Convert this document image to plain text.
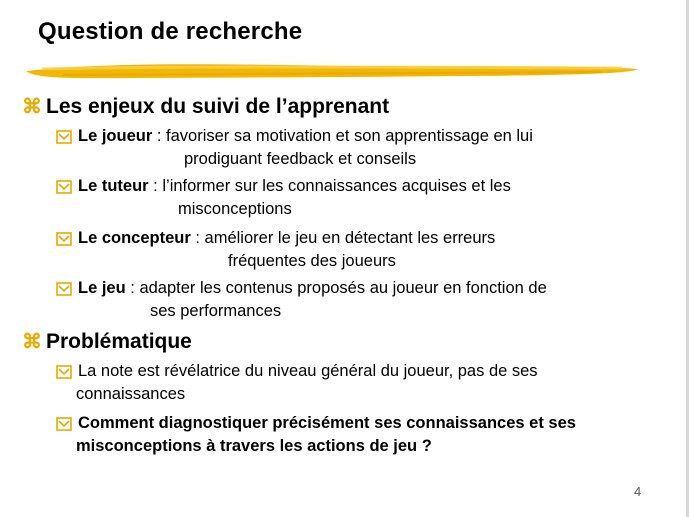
Question de recherche
⌘ Les enjeux du suivi de l’apprenant
Le joueur : favoriser sa motivation et son apprentissage en lui
prodiguant feedback et conseils
Le tuteur : l’informer sur les connaissances acquises et les
misconceptions
Le concepteur : améliorer le jeu en détectant les erreurs
fréquentes des joueurs
Le jeu : adapter les contenus proposés au joueur en fonction de
ses performances
⌘ Problématique
La note est révélatrice du niveau général du joueur, pas de ses
connaissances
Comment diagnostiquer précisément ses connaissances et ses
misconceptions à travers les actions de jeu ?
4
